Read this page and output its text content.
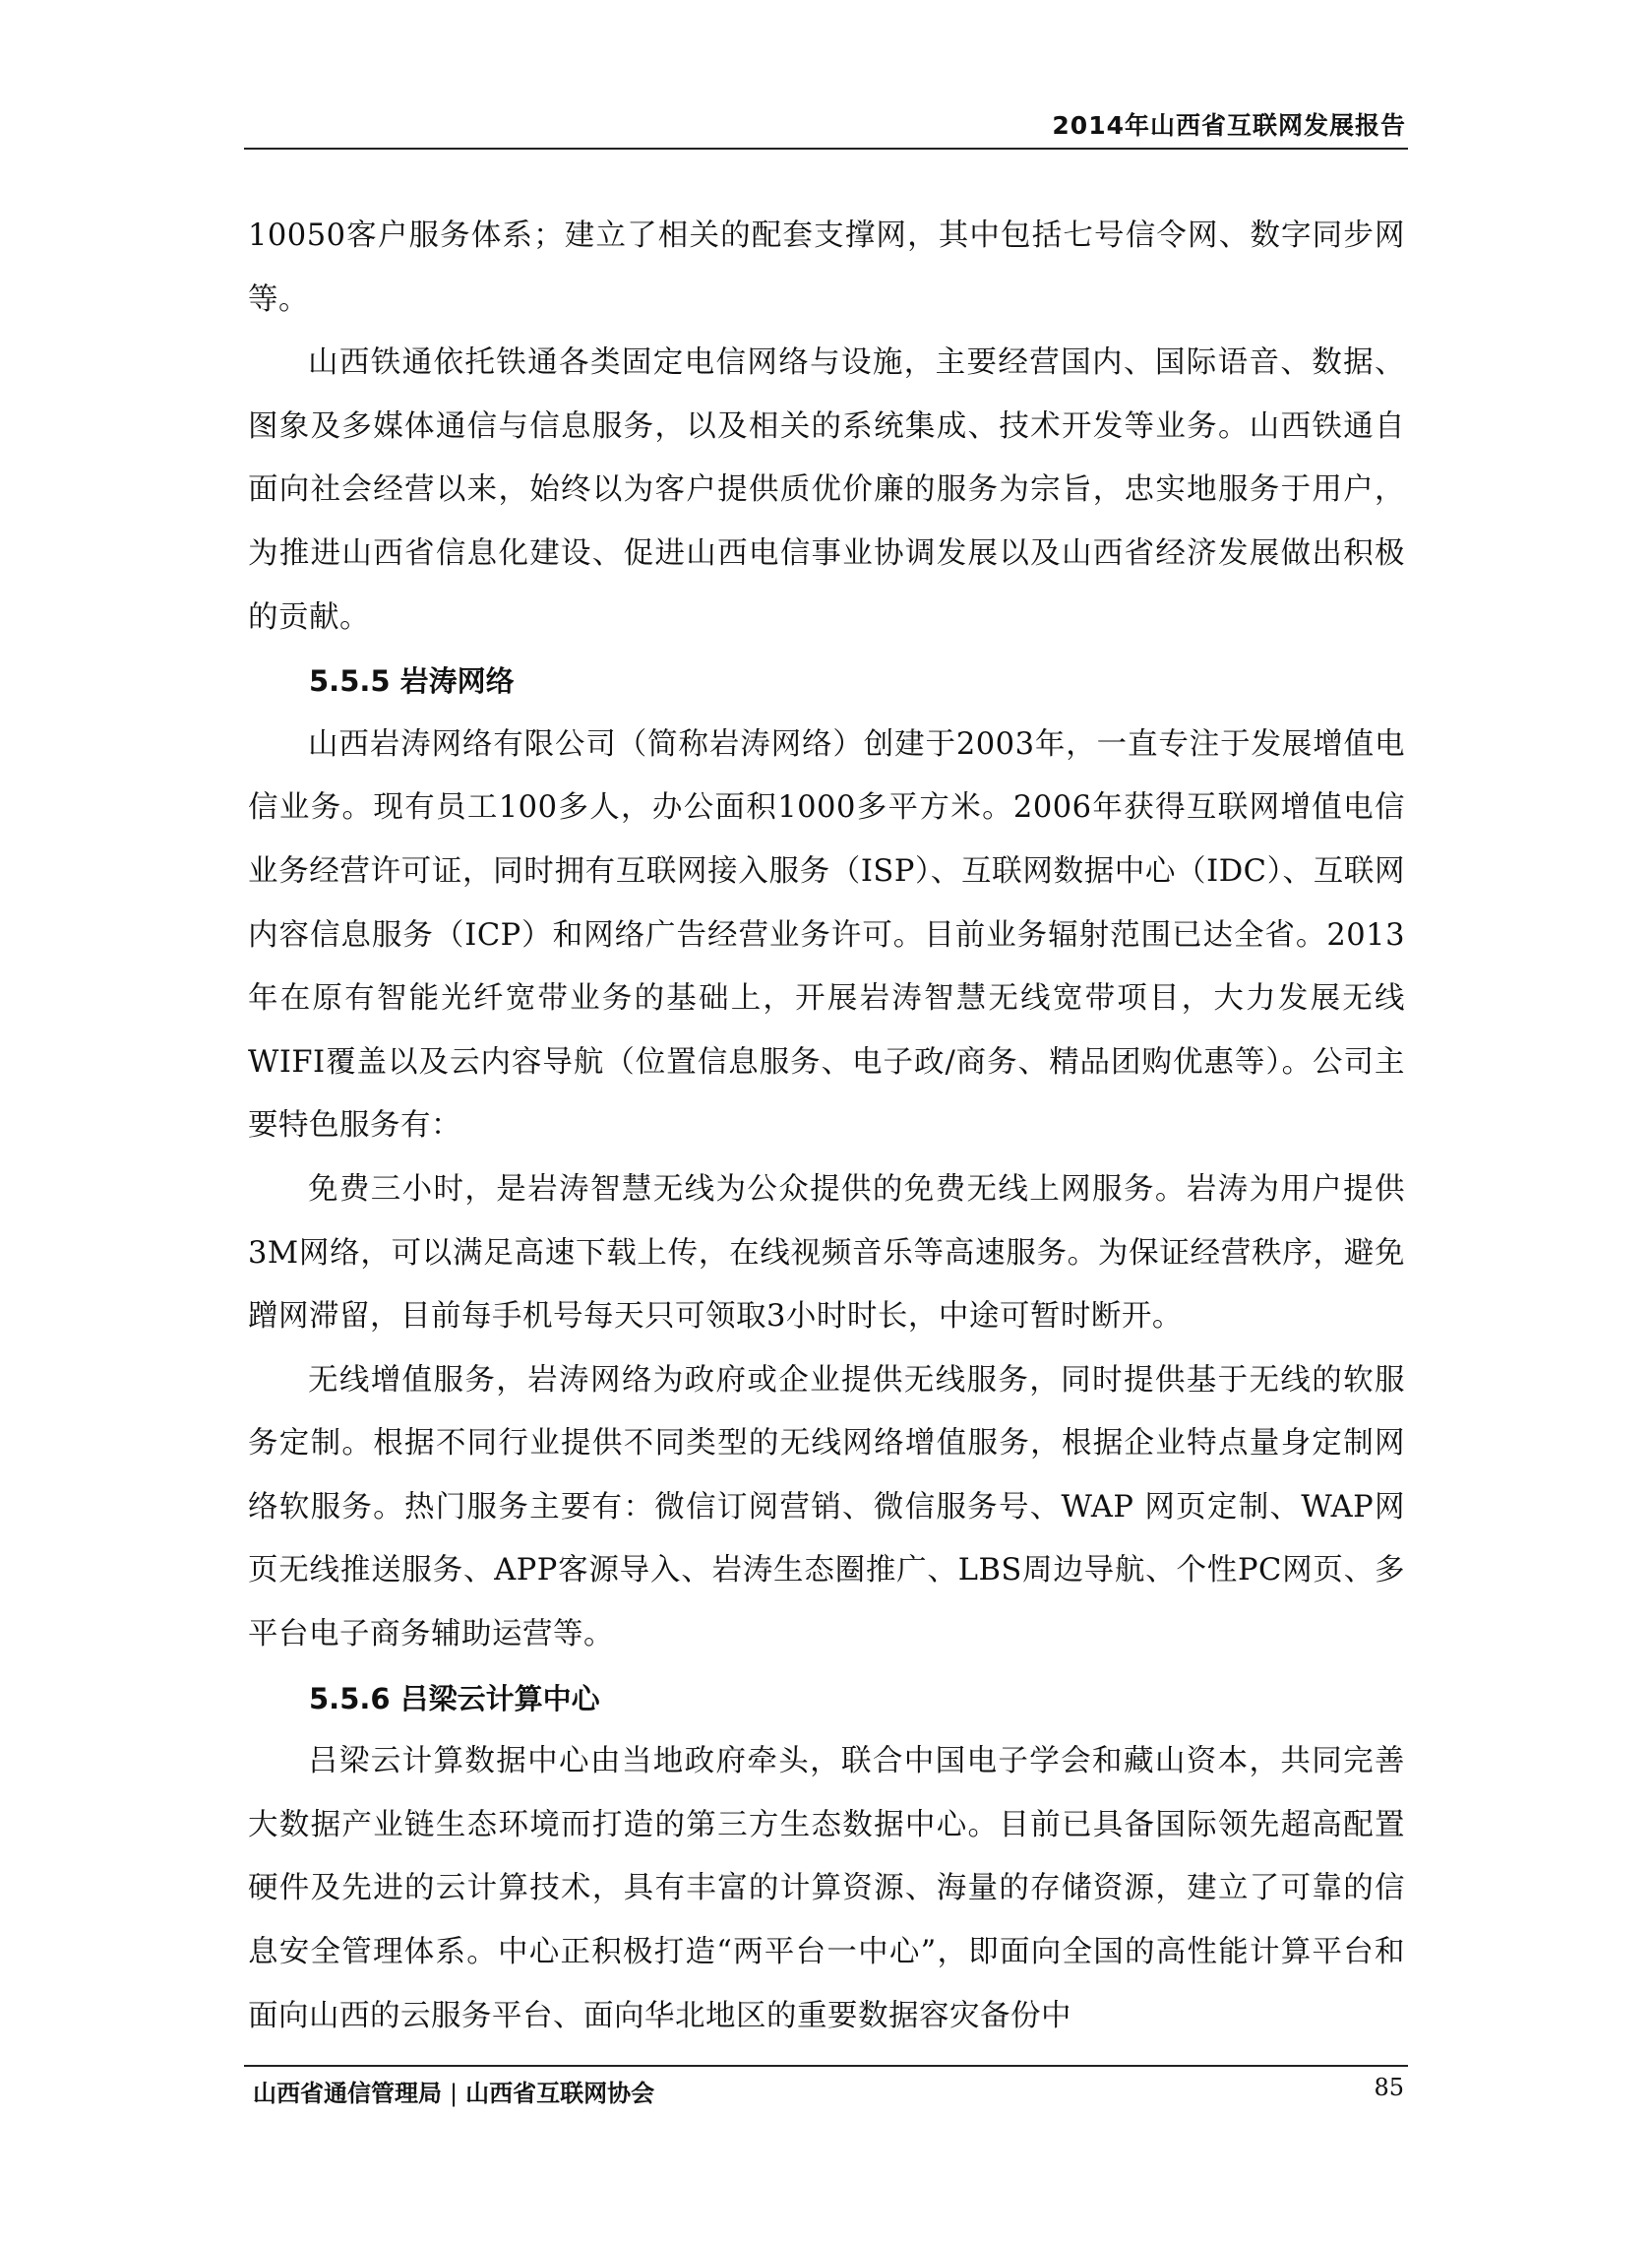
2014年山西省互联网发展报告

10050客户服务体系；建立了相关的配套支撑网，其中包括七号信令网、数字同步网等。

山西铁通依托铁通各类固定电信网络与设施，主要经营国内、国际语音、数据、图象及多媒体通信与信息服务，以及相关的系统集成、技术开发等业务。山西铁通自面向社会经营以来，始终以为客户提供质优价廉的服务为宗旨，忠实地服务于用户，为推进山西省信息化建设、促进山西电信事业协调发展以及山西省经济发展做出积极的贡献。

5.5.5 岩涛网络

山西岩涛网络有限公司（简称岩涛网络）创建于2003年，一直专注于发展增值电信业务。现有员工100多人，办公面积1000多平方米。2006年获得互联网增值电信业务经营许可证，同时拥有互联网接入服务（ISP）、互联网数据中心（IDC）、互联网内容信息服务（ICP）和网络广告经营业务许可。目前业务辐射范围已达全省。2013 年在原有智能光纤宽带业务的基础上，开展岩涛智慧无线宽带项目，大力发展无线WIFI覆盖以及云内容导航（位置信息服务、电子政/商务、精品团购优惠等）。公司主要特色服务有：

免费三小时，是岩涛智慧无线为公众提供的免费无线上网服务。岩涛为用户提供3M网络，可以满足高速下载上传，在线视频音乐等高速服务。为保证经营秩序，避免蹭网滞留，目前每手机号每天只可领取3小时时长，中途可暂时断开。

无线增值服务，岩涛网络为政府或企业提供无线服务，同时提供基于无线的软服务定制。根据不同行业提供不同类型的无线网络增值服务，根据企业特点量身定制网络软服务。热门服务主要有：微信订阅营销、微信服务号、WAP 网页定制、WAP网页无线推送服务、APP客源导入、岩涛生态圈推广、LBS周边导航、个性PC网页、多平台电子商务辅助运营等。

5.5.6 吕梁云计算中心

吕梁云计算数据中心由当地政府牵头，联合中国电子学会和藏山资本，共同完善大数据产业链生态环境而打造的第三方生态数据中心。目前已具备国际领先超高配置硬件及先进的云计算技术，具有丰富的计算资源、海量的存储资源，建立了可靠的信息安全管理体系。中心正积极打造“两平台一中心”，即面向全国的高性能计算平台和面向山西的云服务平台、面向华北地区的重要数据容灾备份中

山西省通信管理局 | 山西省互联网协会	85
